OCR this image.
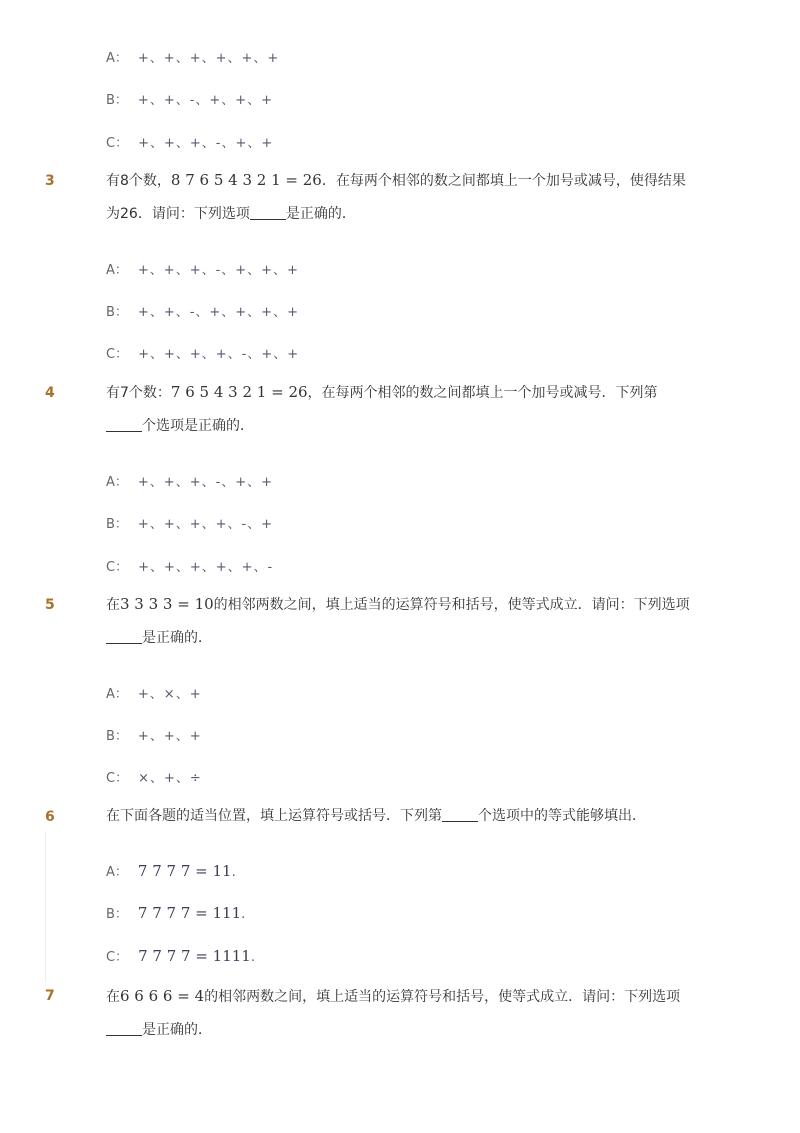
A： +、+、+、+、+、+
B： +、+、-、+、+、+
C： +、+、+、-、+、+
3	有8个数，8 7 6 5 4 3 2 1 = 26．在每两个相邻的数之间都填上一个加号或减号，使得结果
为26．请问：下列选项	是正确的．
A： +、+、+、-、+、+、+
B： +、+、-、+、+、+、+
C： +、+、+、+、-、+、+
4	有7个数：7 6 5 4 3 2 1 = 26，在每两个相邻的数之间都填上一个加号或减号．下列第
个选项是正确的．
A： +、+、+、-、+、+
B： +、+、+、+、-、+
C： +、+、+、+、+、-
5	在3 3 3 3 = 10的相邻两数之间，填上适当的运算符号和括号，使等式成立．请问：下列选项
是正确的．
A： +、×、+
B： +、+、+
C： ×、+、÷
6	在下面各题的适当位置，填上运算符号或括号．下列第	个选项中的等式能够填出．
A： 7 7 7 7 = 11.
B： 7 7 7 7 = 111.
C： 7 7 7 7 = 1111.
7	在6 6 6 6 = 4的相邻两数之间，填上适当的运算符号和括号，使等式成立．请问：下列选项
是正确的．
